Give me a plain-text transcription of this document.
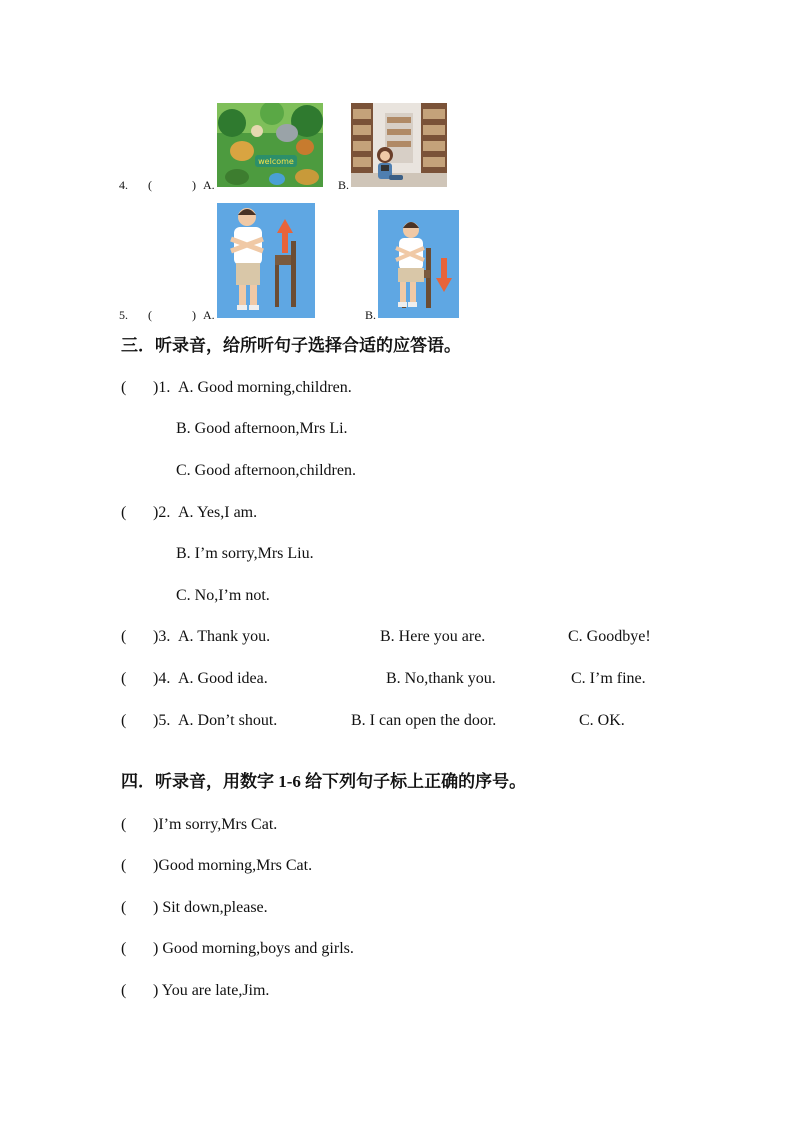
4. (	) A.
welcome
B.
5. (	) A.	B.
三．听录音，给所听句子选择合适的应答语。
( )1. A. Good morning,children.
B. Good afternoon,Mrs Li.
C. Good afternoon,children.
( )2. A. Yes,I am.
B. I’m sorry,Mrs Liu.
C. No,I’m not.
( )3. A. Thank you.	B. Here you are.	C. Goodbye!
( )4. A. Good idea.	B. No,thank you.	C. I’m fine.
( )5. A. Don’t shout.	B. I can open the door.	C. OK.
四．听录音，用数字 1-6 给下列句子标上正确的序号。
( )I’m sorry,Mrs Cat.
( )Good morning,Mrs Cat.
( ) Sit down,please.
( ) Good morning,boys and girls.
( ) You are late,Jim.
